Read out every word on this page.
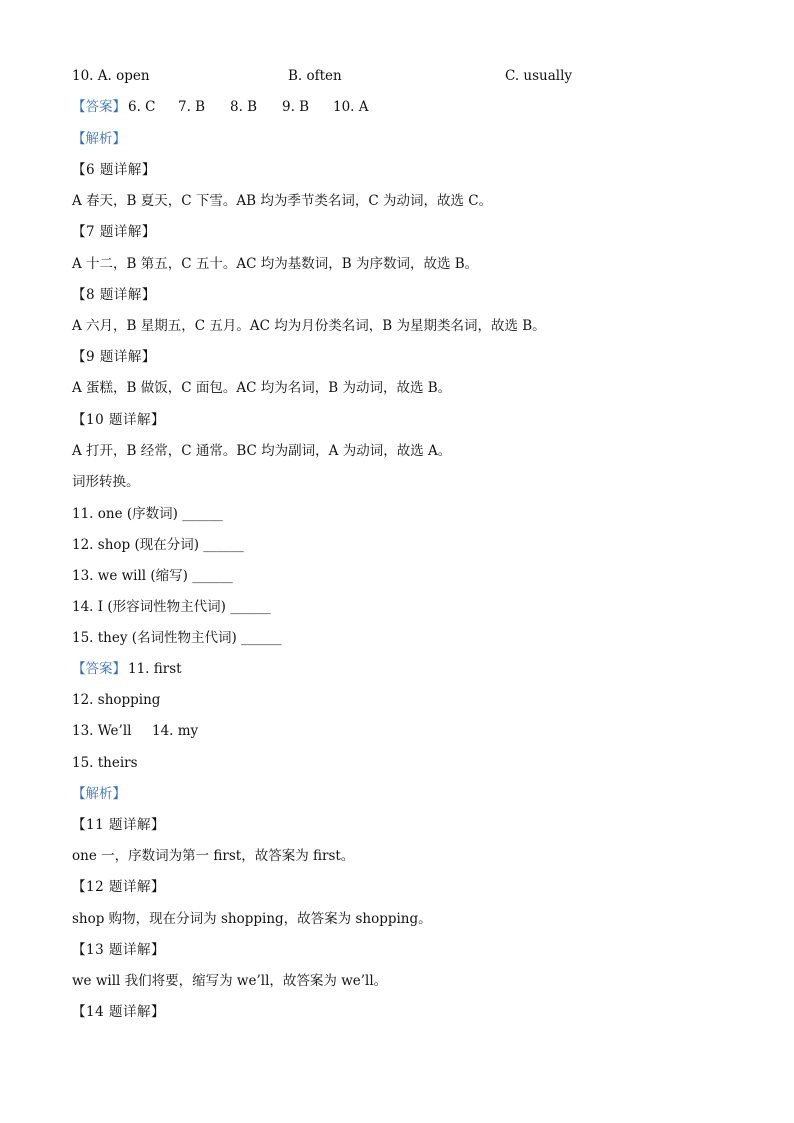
10. A. open	B. often	C. usually
【答案】 6. C 7. B 8. B 9. B 10. A
【解析】
【6 题详解】
A 春天，B 夏天，C 下雪。AB 均为季节类名词，C 为动词，故选 C。
【7 题详解】
A 十二，B 第五，C 五十。AC 均为基数词，B 为序数词，故选 B。
【8 题详解】
A 六月，B 星期五，C 五月。AC 均为月份类名词，B 为星期类名词，故选 B。
【9 题详解】
A 蛋糕，B 做饭，C 面包。AC 均为名词，B 为动词，故选 B。
【10 题详解】
A 打开，B 经常，C 通常。BC 均为副词，A 为动词，故选 A。
词形转换。
11. one (序数词) ______
12. shop (现在分词) ______
13. we will (缩写) ______
14. I (形容词性物主代词) ______
15. they (名词性物主代词) ______
【答案】 11. first
12. shopping
13. We’ll 14. my
15. theirs
【解析】
【11 题详解】
one 一，序数词为第一 first，故答案为 first。
【12 题详解】
shop 购物，现在分词为 shopping，故答案为 shopping。
【13 题详解】
we will 我们将要，缩写为 we’ll，故答案为 we’ll。
【14 题详解】
